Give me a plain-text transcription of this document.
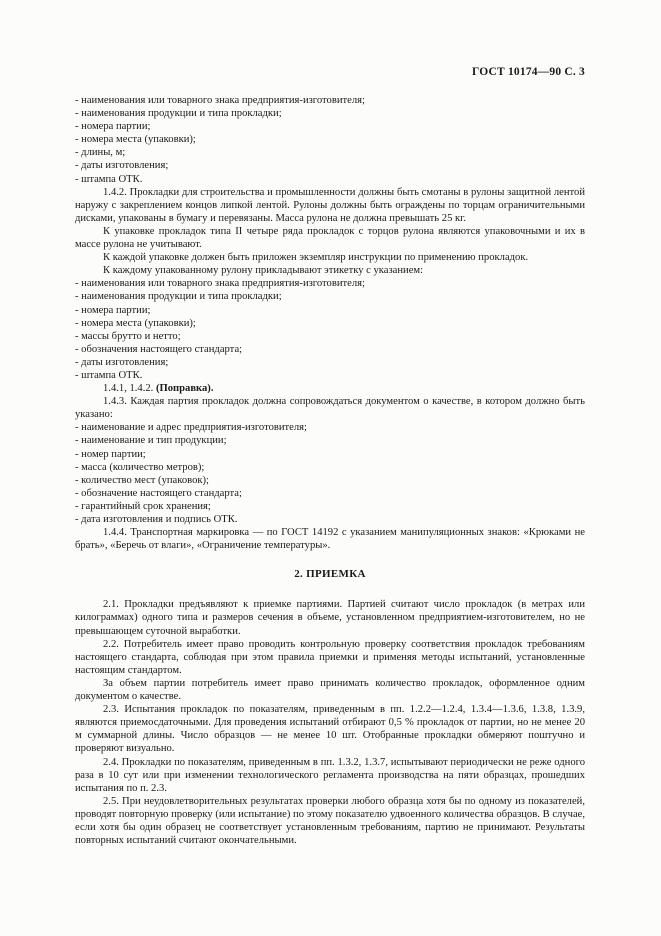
ГОСТ 10174—90 С. 3

- наименования или товарного знака предприятия-изготовителя;

- наименования продукции и типа прокладки;

- номера партии;

- номера места (упаковки);

- длины, м;

- даты изготовления;

- штампа ОТК.

1.4.2. Прокладки для строительства и промышленности должны быть смотаны в рулоны защитной лентой наружу с закреплением концов липкой лентой. Рулоны должны быть ограждены по торцам ограничительными дисками, упакованы в бумагу и перевязаны. Масса рулона не должна превышать 25 кг.

К упаковке прокладок типа II четыре ряда прокладок с торцов рулона являются упаковочными и их в массе рулона не учитывают.

К каждой упаковке должен быть приложен экземпляр инструкции по применению прокладок.

К каждому упакованному рулону прикладывают этикетку с указанием:

- наименования или товарного знака предприятия-изготовителя;

- наименования продукции и типа прокладки;

- номера партии;

- номера места (упаковки);

- массы брутто и нетто;

- обозначения настоящего стандарта;

- даты изготовления;

- штампа ОТК.

1.4.1, 1.4.2. (Поправка).

1.4.3. Каждая партия прокладок должна сопровождаться документом о качестве, в котором должно быть указано:

- наименование и адрес предприятия-изготовителя;

- наименование и тип продукции;

- номер партии;

- масса (количество метров);

- количество мест (упаковок);

- обозначение настоящего стандарта;

- гарантийный срок хранения;

- дата изготовления и подпись ОТК.

1.4.4. Транспортная маркировка — по ГОСТ 14192 с указанием манипуляционных знаков: «Крюками не брать», «Беречь от влаги», «Ограничение температуры».

2. ПРИЕМКА

2.1. Прокладки предъявляют к приемке партиями. Партией считают число прокладок (в метрах или килограммах) одного типа и размеров сечения в объеме, установленном предприятием-изготовителем, но не превышающем суточной выработки.

2.2. Потребитель имеет право проводить контрольную проверку соответствия прокладок требованиям настоящего стандарта, соблюдая при этом правила приемки и применяя методы испытаний, установленные настоящим стандартом.

За объем партии потребитель имеет право принимать количество прокладок, оформленное одним документом о качестве.

2.3. Испытания прокладок по показателям, приведенным в пп. 1.2.2—1.2.4, 1.3.4—1.3.6, 1.3.8, 1.3.9, являются приемосдаточными. Для проведения испытаний отбирают 0,5 % прокладок от партии, но не менее 20 м суммарной длины. Число образцов — не менее 10 шт. Отобранные прокладки обмеряют поштучно и проверяют визуально.

2.4. Прокладки по показателям, приведенным в пп. 1.3.2, 1.3.7, испытывают периодически не реже одного раза в 10 сут или при изменении технологического регламента производства на пяти образцах, прошедших испытания по п. 2.3.

2.5. При неудовлетворительных результатах проверки любого образца хотя бы по одному из показателей, проводят повторную проверку (или испытание) по этому показателю удвоенного количества образцов. В случае, если хотя бы один образец не соответствует установленным требованиям, партию не принимают. Результаты повторных испытаний считают окончательными.
